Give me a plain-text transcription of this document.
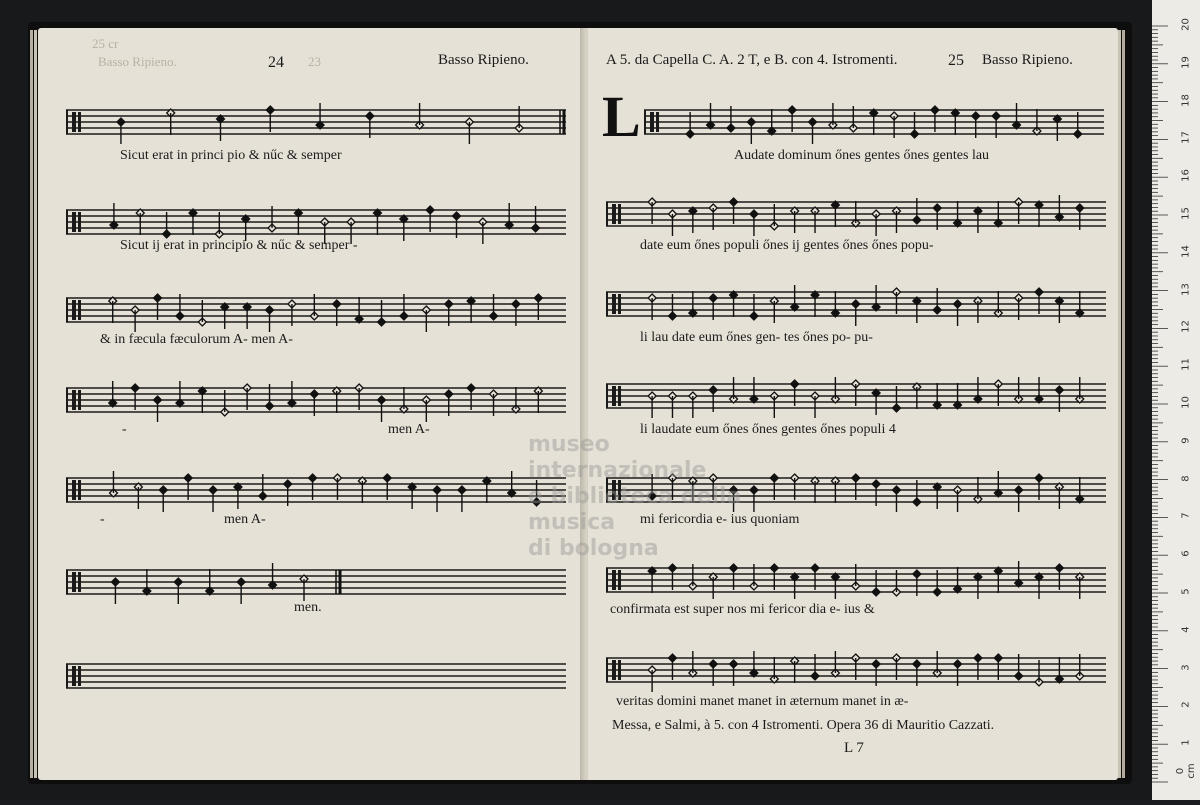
25 cr
Basso Ripieno.	24 23	Basso Ripieno.
Sicut erat in princi pio & nűc & semper
Sicut ij erat in principio & nűc & semper -
& in fæcula fæculorum A- men A-
-	men A-
-	men A-
men.
A 5. da Capella C. A. 2 T, e B. con 4. Istromenti.	25 Basso Ripieno.
L
Audate dominum őnes gentes őnes gentes lau
date eum őnes populi őnes ij gentes őnes őnes popu-
li lau date eum őnes gen- tes őnes po- pu-
li laudate eum őnes őnes gentes őnes populi 4
mi fericordia e- ius quoniam
confirmata est super nos mi fericor dia e- ius &
veritas domini manet manet in æternum manet in æ-
Messa, e Salmi, à 5. con 4 Istromenti. Opera 36 di Mauritio Cazzati.
L 7
museo internazionale
e biblioteca della musica
di bologna
0 cm
1
2
3
4
5
6
7
8
9
10
11
12
13
14
15
16
17
18
19
20
